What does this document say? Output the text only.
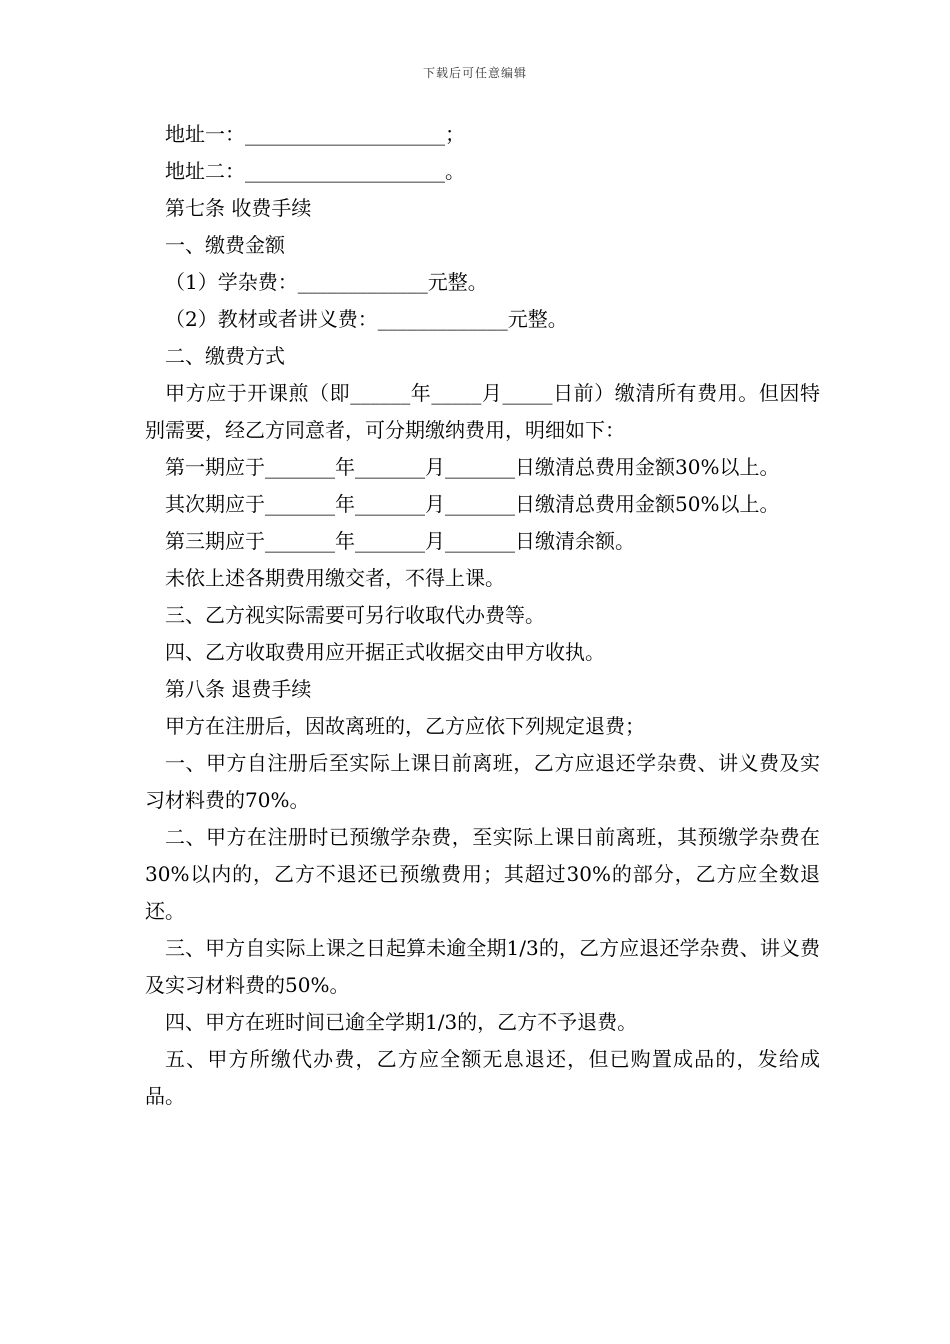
下载后可任意编辑

地址一：____________________；

地址二：____________________。

第七条 收费手续

一、缴费金额

（1）学杂费：_____________元整。

（2）教材或者讲义费：_____________元整。

二、缴费方式

甲方应于开课煎（即______年_____月_____日前）缴清所有费用。但因特别需要，经乙方同意者，可分期缴纳费用，明细如下：

第一期应于_______年_______月_______日缴清总费用金额30%以上。

其次期应于_______年_______月_______日缴清总费用金额50%以上。

第三期应于_______年_______月_______日缴清余额。

未依上述各期费用缴交者，不得上课。

三、乙方视实际需要可另行收取代办费等。

四、乙方收取费用应开据正式收据交由甲方收执。

第八条 退费手续

甲方在注册后，因故离班的，乙方应依下列规定退费；

一、甲方自注册后至实际上课日前离班，乙方应退还学杂费、讲义费及实习材料费的70%。

二、甲方在注册时已预缴学杂费，至实际上课日前离班，其预缴学杂费在30%以内的，乙方不退还已预缴费用；其超过30%的部分，乙方应全数退还。

三、甲方自实际上课之日起算未逾全期1/3的，乙方应退还学杂费、讲义费及实习材料费的50%。

四、甲方在班时间已逾全学期1/3的，乙方不予退费。

五、甲方所缴代办费，乙方应全额无息退还，但已购置成品的，发给成品。
